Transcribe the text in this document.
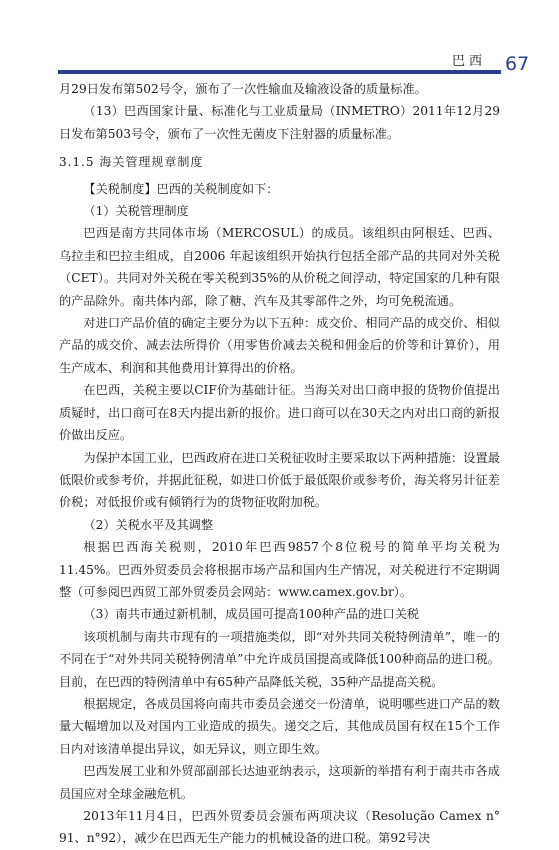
巴西 67

月29日发布第502号令，颁布了一次性输血及输液设备的质量标准。

（13）巴西国家计量、标准化与工业质量局（INMETRO）2011年12月29日发布第503号令，颁布了一次性无菌皮下注射器的质量标准。

3.1.5 海关管理规章制度

【关税制度】巴西的关税制度如下：

（1）关税管理制度

巴西是南方共同体市场（MERCOSUL）的成员。该组织由阿根廷、巴西、乌拉圭和巴拉圭组成，自2006 年起该组织开始执行包括全部产品的共同对外关税（CET）。共同对外关税在零关税到35%的从价税之间浮动，特定国家的几种有限的产品除外。南共体内部，除了糖、汽车及其零部件之外，均可免税流通。

对进口产品价值的确定主要分为以下五种：成交价、相同产品的成交价、相似产品的成交价、减去法所得价（用零售价减去关税和佣金后的价等和计算价），用生产成本、利润和其他费用计算得出的价格。

在巴西，关税主要以CIF价为基础计征。当海关对出口商申报的货物价值提出质疑时，出口商可在8天内提出新的报价。进口商可以在30天之内对出口商的新报价做出反应。

为保护本国工业，巴西政府在进口关税征收时主要采取以下两种措施：设置最低限价或参考价，并据此征税，如进口价低于最低限价或参考价，海关将另计征差价税；对低报价或有倾销行为的货物征收附加税。

（2）关税水平及其调整

根据巴西海关税则，2010年巴西9857个8位税号的简单平均关税为11.45%。巴西外贸委员会将根据市场产品和国内生产情况，对关税进行不定期调整（可参阅巴西贸工部外贸委员会网站：www.camex.gov.br）。

（3）南共市通过新机制，成员国可提高100种产品的进口关税

该项机制与南共市现有的一项措施类似，即“对外共同关税特例清单”，唯一的不同在于“对外共同关税特例清单”中允许成员国提高或降低100种商品的进口税。目前，在巴西的特例清单中有65种产品降低关税，35种产品提高关税。

根据规定，各成员国将向南共市委员会递交一份清单，说明哪些进口产品的数量大幅增加以及对国内工业造成的损失。递交之后，其他成员国有权在15个工作日内对该清单提出异议，如无异议，则立即生效。

巴西发展工业和外贸部副部长达迪亚纳表示，这项新的举措有利于南共市各成员国应对全球金融危机。

2013年11月4日，巴西外贸委员会颁布两项决议（Resolução Camex n° 91、n°92），减少在巴西无生产能力的机械设备的进口税。第92号决
